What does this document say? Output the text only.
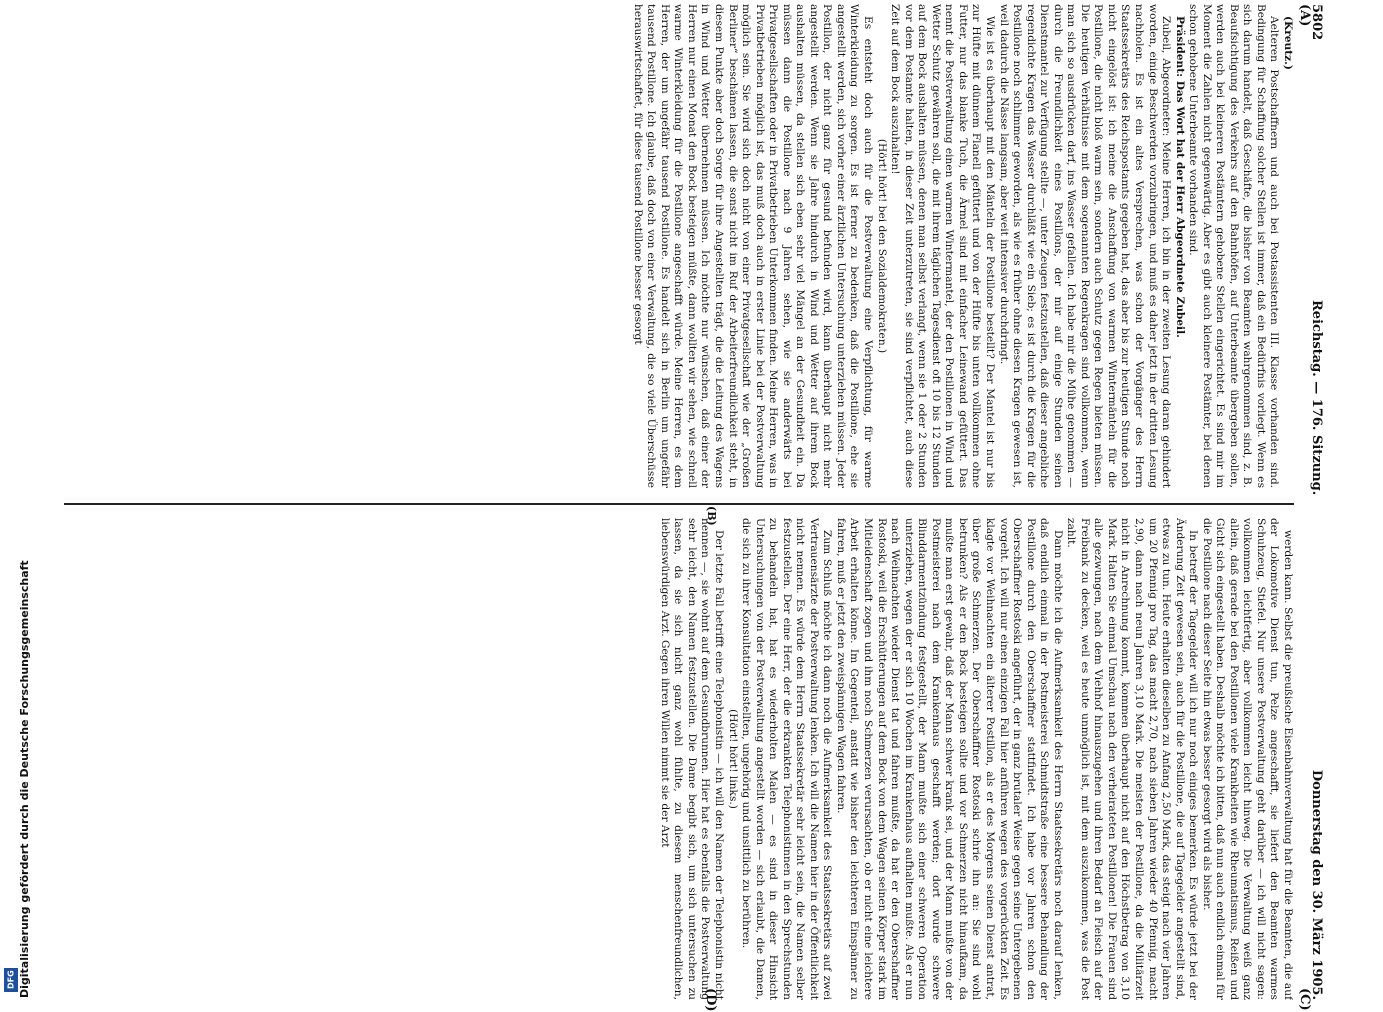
5802
Reichstag. — 176. Sitzung.
Donnerstag den 30. März 1905.
(A)
(B)
(C)
(D)

(Kreutz.)

Aelteren Postschaffnern und auch bei Postassistenten III. Klasse vorhanden sind. Bedingung für Schaffung solcher Stellen ist immer, daß ein Bedürfnis vorliegt. Wenn es sich darum handelt, daß Geschäfte, die bisher von Beamten wahrgenommen sind, z. B. Beaufsichtigung des Verkehrs auf den Bahnhöfen, auf Unterbeamte übergeben sollen, werden auch bei kleineren Postämtern gehobene Stellen eingerichtet. Es sind mir im Moment die Zahlen nicht gegenwärtig. Aber es gibt auch kleinere Postämter, bei denen schon gehobene Unterbeamte vorhanden sind.

Präsident: Das Wort hat der Herr Abgeordnete Zubeil.

Zubeil, Abgeordneter: Meine Herren, ich bin in der zweiten Lesung daran gehindert worden, einige Beschwerden vorzubringen, und muß es daher jetzt in der dritten Lesung nachholen. Es ist ein altes Versprechen, was schon der Vorgänger des Herrn Staatssekretärs des Reichspostamts gegeben hat, das aber bis zur heutigen Stunde noch nicht eingelöst ist: ich meine die Anschaffung von warmen Wintermänteln für die Postillone, die nicht bloß warm sein, sondern auch Schutz gegen Regen bieten müssen. Die heutigen Verhältnisse mit dem sogenannten Regenkragen sind vollkommen, wenn man sich so ausdrücken darf, ins Wasser gefallen. Ich habe mir die Mühe genommen — durch die Freundlichkeit eines Postillons, der mir auf einige Stunden seinen Dienstmantel zur Verfügung stellte —, unter Zeugen festzustellen, daß dieser angebliche regendichte Kragen das Wasser durchläßt wie ein Sieb; es ist durch die Kragen für die Postillone noch schlimmer geworden, als wie es früher ohne diesen Kragen gewesen ist, weil dadurch die Nässe langsam, aber weit intensiver durchdringt.

Wie ist es überhaupt mit den Mänteln der Postillone bestellt? Der Mantel ist nur bis zur Hüfte mit dünnem Flanell gefüttert und von der Hüfte bis unten vollkommen ohne Futter, nur das blanke Tuch, die Ärmel sind mit einfacher Leinewand gefüttert. Das nennt die Postverwaltung einen warmen Wintermantel, der den Postillonen in Wind und Wetter Schutz gewähren soll, die mit ihrem täglichen Tagesdienst oft 10 bis 12 Stunden auf dem Bock aushalten müssen, denen man selbst verlangt, wenn sie 1 oder 2 Stunden vor dem Postamte halten, in dieser Zeit unterzutreten, sie sind verpflichtet, auch diese Zeit auf dem Bock auszuhalten!

(Hört! hört! bei den Sozialdemokraten.)

Es entsteht doch auch für die Postverwaltung eine Verpflichtung, für warme Winterkleidung zu sorgen. Es ist ferner zu bedenken, daß die Postillone, ehe sie angestellt werden, sich vorher einer ärztlichen Untersuchung unterziehen müssen. Jeder Postillon, der nicht ganz für gesund befunden wird, kann überhaupt nicht mehr angestellt werden. Wenn sie Jahre hindurch in Wind und Wetter auf ihrem Bock aushalten müssen, da stellen sich eben sehr viel Mängel an der Gesundheit ein. Da müssen dann die Postillone nach 9 Jahren sehen, wie sie anderwärts bei Privatgesellschaften oder in Privatbetrieben Unterkommen finden. Meine Herren, was in Privatbetrieben möglich ist, das muß doch auch in erster Linie bei der Postverwaltung möglich sein. Sie wird sich doch nicht von einer Privatgesellschaft wie der „Großen Berliner“ beschämen lassen, die sonst nicht im Ruf der Arbeiterfreundlichkeit steht, in diesem Punkte aber doch Sorge für ihre Angestellten trägt, die die Leitung des Wagens in Wind und Wetter übernehmen müssen. Ich möchte nur wünschen, daß einer der Herren nur einen Monat den Bock besteigen müßte, dann wollten wir sehen, wie schnell warme Winterkleidung für die Postillone angeschafft würde. Meine Herren, es dem Herren, der um ungefähr tausend Postillone. Es handelt sich in Berlin um ungefähr tausend Postillone. Ich glaube, daß doch von einer Verwaltung, die so viele Überschüsse herauswirtschaftet, für diese tausend Postillone besser gesorgt

werden kann. Selbst die preußische Eisenbahnverwaltung hat für die Beamten, die auf der Lokomotive Dienst tun, Pelze angeschafft, sie liefert den Beamten warmes Schuhzeug, Stiefel. Nur unsere Postverwaltung geht darüber — ich will nicht sagen: vollkommen leichtfertig, aber vollkommen leicht hinweg. Die Verwaltung weiß ganz allein, daß gerade bei den Postillonen viele Krankheiten wie Rheumatismus, Reißen und Gicht sich eingestellt haben. Deshalb möchte ich bitten, daß nun auch endlich einmal für die Postillone nach dieser Seite hin etwas besser gesorgt wird als bisher.

In betreff der Tagegelder will ich nur noch einiges bemerken. Es würde jetzt bei der Änderung Zeit gewesen sein, auch für die Postillone, die auf Tagegelder angestellt sind, etwas zu tun. Heute erhalten dieselben zu Anfang 2,50 Mark, das steigt nach vier Jahren um 20 Pfennig pro Tag, das macht 2,70, nach sieben Jahren wieder 40 Pfennig, macht 2,90, dann nach neun Jahren 3,10 Mark. Die meisten der Postillone, da die Militärzeit nicht in Anrechnung kommt, kommen überhaupt nicht auf den Höchstbetrag von 3,10 Mark. Halten Sie einmal Umschau nach den verheirateten Postillonen! Die Frauen sind alle gezwungen, nach dem Viehhof hinauszugehen und ihren Bedarf an Fleisch auf der Freibank zu decken, weil es heute unmöglich ist, mit dem auszukommen, was die Post zahlt.

Dann möchte ich die Aufmerksamkeit des Herrn Staatssekretärs noch darauf lenken, daß endlich einmal in der Postmeisterei Schmidtstraße eine bessere Behandlung der Postillone durch den Oberschaffner stattfindet. Ich habe vor Jahren schon den Oberschaffner Rostoski angeführt, der in ganz brutaler Weise gegen seine Untergebenen vorgeht. Ich will nur einen einzigen Fall hier anführen wegen des vorgerückten Zeit. Es klagte vor Weihnachten ein älterer Postillon, als er des Morgens seinen Dienst antrat, über große Schmerzen. Der Oberschaffner Rostoski schrie ihn an: Sie sind wohl betrunken? Als er den Bock besteigen sollte und vor Schmerzen nicht hinaufkam, da mußte man erst gewahr, daß der Mann schwer krank sei, und der Mann mußte von der Postmeisterei nach dem Krankenhaus geschafft werden; dort wurde schwere Blinddarmentzündung festgestellt, der Mann mußte sich einer schweren Operation unterziehen, wegen der er sich 10 Wochen im Krankenhaus aufhalten mußte. Als er nun nach Weihnachten wieder Dienst tat und fahren mußte, da hat er den Oberschaffner Rostoski, weil die Erschütterungen auf dem Bock von dem Wagen seinen Körper stark im Mitleidenschaft zogen und ihm noch Schmerzen verursachten, ob er nicht eine leichtere Arbeit erhalten könne. Im Gegenteil, anstatt wie bisher den leichteren Einspänner zu fahren, muß er jetzt den zweispännigen Wagen fahren.

Zum Schluß möchte ich dann noch die Aufmerksamkeit des Staatssekretärs auf zwei Vertrauensärzte der Postverwaltung lenken. Ich will die Namen hier in der Öffentlichkeit nicht nennen. Es würde dem Herrn Staatssekretär sehr leicht sein, die Namen selber festzustellen. Der eine Herr, der die erkrankten Telephonistinnen in den Sprechstunden zu behandeln hat, hat es wiederholten Malen — es sind in dieser Hinsicht Untersuchungen von der Postverwaltung angestellt worden — sich erlaubt, die Damen, die sich zu ihrer Konsultation einstellten, ungehörig und unsittlich zu berühren.

(Hört! hört! links.)

Der letzte Fall betrifft eine Telephonistin — ich will den Namen der Telephonistin nicht nennen —, sie wohnt auf dem Gesundbrunnen. Hier hat es ebenfalls die Postverwaltung sehr leicht, den Namen festzustellen. Die Dame begibt sich, um sich untersuchen zu lassen, da sie sich nicht ganz wohl fühlte, zu diesem menschenfreundlichen, liebenswürdigen Arzt. Gegen ihren Willen nimmt sie der Arzt

DFG Digitalisierung gefördert durch die Deutsche Forschungsgemeinschaft
